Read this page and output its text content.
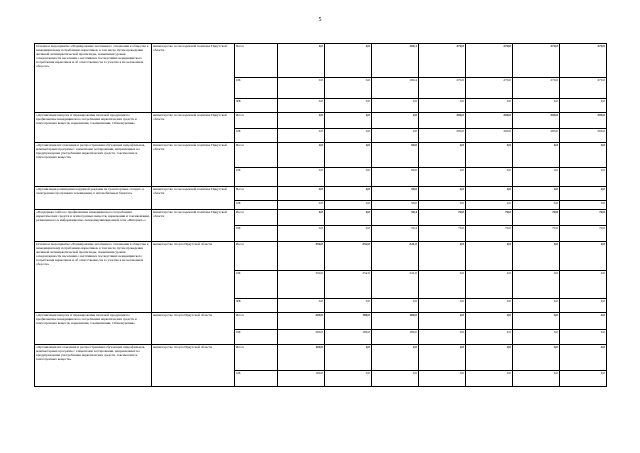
5
Основное мероприятие «Формирование негативного отношения в обществе к немедицинскому потреблению наркотиков, в том числе путем проведения активной антинаркотической пропаганды, повышения уровня осведомленности населения о негативных последствиях немедицинского потребления наркотиков и об ответственности за участие в их незаконном обороте»	министерство по молодежной политике Иркутской области	Всего	0,0	0,0	190,4	270,0	270,0	270,0	270,0
		ОБ	0,0	0,0	190,4	270,0	270,0	270,0	270,0
		ФБ	0,0	0,0	0,0	0,0	0,0	0,0	0,0

«Организация выпуска и тиражирования печатной продукции по профилактике немедицинского потребления наркотических средств и психотропных веществ, наркомании, токсикомании, табакокурения»	министерство по молодежной политике Иркутской области	Всего	0,0	0,0	0,0	200,0	200,0	200,0	200,0
		ОБ	0,0	0,0	0,0	200,0	200,0	200,0	200,0

«Организация изготовления и распространения обучающих видеофильмов, компьютерных программ с элементами тестирования, направленных на предупреждение употребления наркотических средств, токсических и психотропных веществ»	министерство по молодежной политике Иркутской области	Всего	0,0	0,0	90,0	0,0	0,0	0,0	0,0
		ОБ	0,0	0,0	90,0	0,0	0,0	0,0	0,0

«Организация размещения наружной рекламы на транспортных стендах, в электронных программах телевидения, в автомобильных билетах»	министерство по молодежной политике Иркутской области	Всего	0,0	0,0	50,0	0,0	0,0	0,0	0,0
		ОБ	0,0	0,0	50,0	0,0	0,0	0,0	0,0

«Поддержка сайта по профилактике немедицинского потребления наркотических средств и психотропных веществ, наркомании и токсикомании, размещенного в информационно-телекоммуникационной сети «Интернет»»	министерство по молодежной политике Иркутской области	Всего	0,0	0,0	50,4	70,0	70,0	70,0	70,0
		ОБ	0,0	0,0	50,4	70,0	70,0	70,0	70,0

Основное мероприятие «Формирование негативного отношения в обществе к немедицинскому потреблению наркотиков, в том числе путем проведения активной антинаркотической пропаганды, повышения уровня осведомленности населения о негативных последствиях немедицинского потребления наркотиков и об ответственности за участие в их незаконном обороте»	министерство спорта Иркутской области	Всего	350,0	252,0	241,0	0,0	0,0	0,0	0,0
		ОБ	350,0	252,0	241,0	0,0	0,0	0,0	0,0
		ФБ	0,0	0,0	0,0	0,0	0,0	0,0	0,0

«Организация выпуска и тиражирования печатной продукции по профилактике немедицинского потребления наркотических средств и психотропных веществ, наркомании, токсикомании, табакокурения»	министерство спорта Иркутской области	Всего	200,0	180,0	180,0	0,0	0,0	0,0	0,0
		ОБ	200,0	180,0	180,0	0,0	0,0	0,0	0,0

«Организация изготовления и распространения обучающих видеофильмов, компьютерных программ с элементами тестирования, направленных на предупреждение употребления наркотических средств, токсических и психотропных веществ»	министерство спорта Иркутской области	Всего	100,0	0,0	0,0	0,0	0,0	0,0	0,0
		ОБ	100,0	0,0	0,0	0,0	0,0	0,0	0,0
